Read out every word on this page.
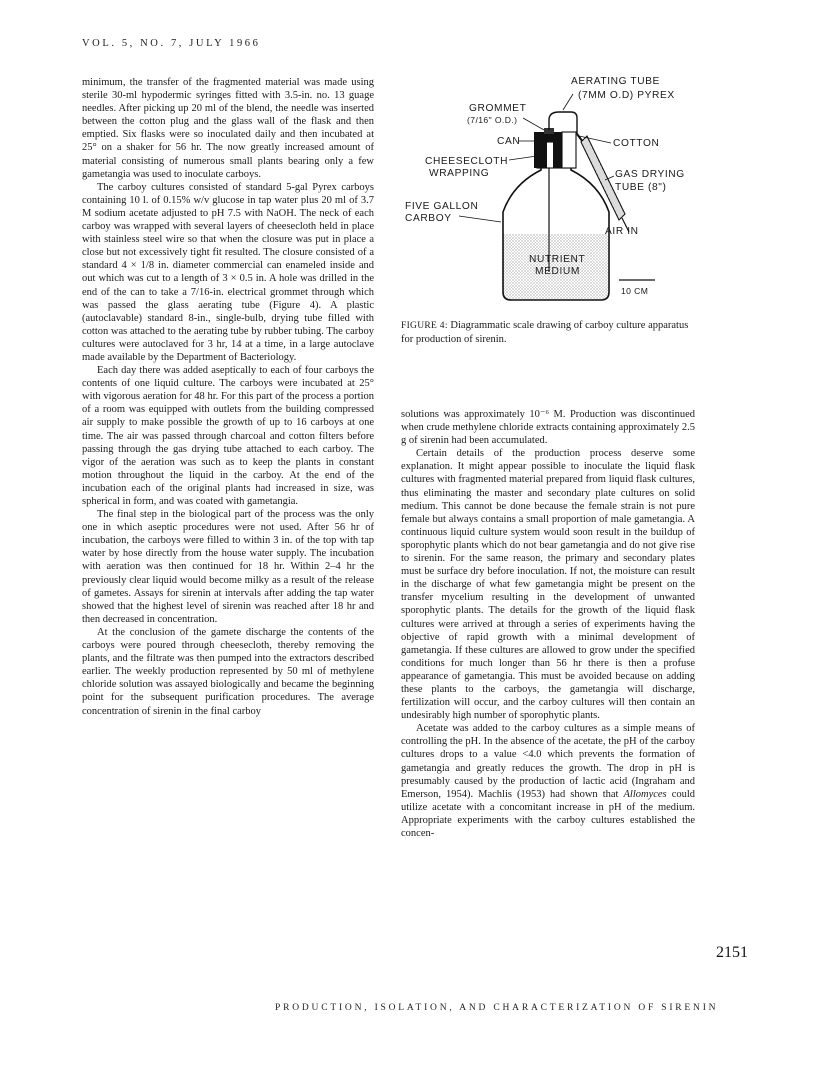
VOL. 5, NO. 7, JULY 1966

minimum, the transfer of the fragmented material was made using sterile 30-ml hypodermic syringes fitted with 3.5-in. no. 13 guage needles. After picking up 20 ml of the blend, the needle was inserted between the cotton plug and the glass wall of the flask and then emptied. Six flasks were so inoculated daily and then incubated at 25° on a shaker for 56 hr. The now greatly increased amount of material consisting of numerous small plants bearing only a few gametangia was used to inoculate carboys.

The carboy cultures consisted of standard 5-gal Pyrex carboys containing 10 l. of 0.15% w/v glucose in tap water plus 20 ml of 3.7 M sodium acetate adjusted to pH 7.5 with NaOH. The neck of each carboy was wrapped with several layers of cheesecloth held in place with stainless steel wire so that when the closure was put in place a close but not excessively tight fit resulted. The closure consisted of a standard 4 × 1/8 in. diameter commercial can enameled inside and out which was cut to a length of 3 × 0.5 in. A hole was drilled in the end of the can to take a 7/16-in. electrical grommet through which was passed the glass aerating tube (Figure 4). A plastic (autoclavable) standard 8-in., single-bulb, drying tube filled with cotton was attached to the aerating tube by rubber tubing. The carboy cultures were autoclaved for 3 hr, 14 at a time, in a large autoclave made available by the Department of Bacteriology.

Each day there was added aseptically to each of four carboys the contents of one liquid culture. The carboys were incubated at 25° with vigorous aeration for 48 hr. For this part of the process a portion of a room was equipped with outlets from the building compressed air supply to make possible the growth of up to 16 carboys at one time. The air was passed through charcoal and cotton filters before passing through the gas drying tube attached to each carboy. The vigor of the aeration was such as to keep the plants in constant motion throughout the liquid in the carboy. At the end of the incubation each of the original plants had increased in size, was spherical in form, and was coated with gametangia.

The final step in the biological part of the process was the only one in which aseptic procedures were not used. After 56 hr of incubation, the carboys were filled to within 3 in. of the top with tap water by hose directly from the house water supply. The incubation with aeration was then continued for 18 hr. Within 2–4 hr the previously clear liquid would become milky as a result of the release of gametes. Assays for sirenin at intervals after adding the tap water showed that the highest level of sirenin was reached after 18 hr and then decreased in concentration.

At the conclusion of the gamete discharge the contents of the carboys were poured through cheesecloth, thereby removing the plants, and the filtrate was then pumped into the extractors described earlier. The weekly production represented by 50 ml of methylene chloride solution was assayed biologically and became the beginning point for the subsequent purification procedures. The average concentration of sirenin in the final carboy

AERATING TUBE
(7MM O.D) PYREX
GROMMET
(7/16" O.D.)
CAN	COTTON
CHEESECLOTH
WRAPPING	GAS DRYING
TUBE (8")
FIVE GALLON
CARBOY
AIR IN
NUTRIENT
MEDIUM
10 CM
FIGURE 4: Diagrammatic scale drawing of carboy culture apparatus for production of sirenin.

solutions was approximately 10⁻⁶ M. Production was discontinued when crude methylene chloride extracts containing approximately 2.5 g of sirenin had been accumulated.

Certain details of the production process deserve some explanation. It might appear possible to inoculate the liquid flask cultures with fragmented material prepared from liquid flask cultures, thus eliminating the master and secondary plate cultures on solid medium. This cannot be done because the female strain is not pure female but always contains a small proportion of male gametangia. A continuous liquid culture system would soon result in the buildup of sporophytic plants which do not bear gametangia and do not give rise to sirenin. For the same reason, the primary and secondary plates must be surface dry before inoculation. If not, the moisture can result in the discharge of what few gametangia might be present on the transfer mycelium resulting in the development of unwanted sporophytic plants. The details for the growth of the liquid flask cultures were arrived at through a series of experiments having the objective of rapid growth with a minimal development of gametangia. If these cultures are allowed to grow under the specified conditions for much longer than 56 hr there is then a profuse appearance of gametangia. This must be avoided because on adding these plants to the carboys, the gametangia will discharge, fertilization will occur, and the carboy cultures will then contain an undesirably high number of sporophytic plants.

Acetate was added to the carboy cultures as a simple means of controlling the pH. In the absence of the acetate, the pH of the carboy cultures drops to a value <4.0 which prevents the formation of gametangia and greatly reduces the growth. The drop in pH is presumably caused by the production of lactic acid (Ingraham and Emerson, 1954). Machlis (1953) had shown that Allomyces could utilize acetate with a concomitant increase in pH of the medium. Appropriate experiments with the carboy cultures established the concen-

2151
PRODUCTION, ISOLATION, AND CHARACTERIZATION OF SIRENIN
